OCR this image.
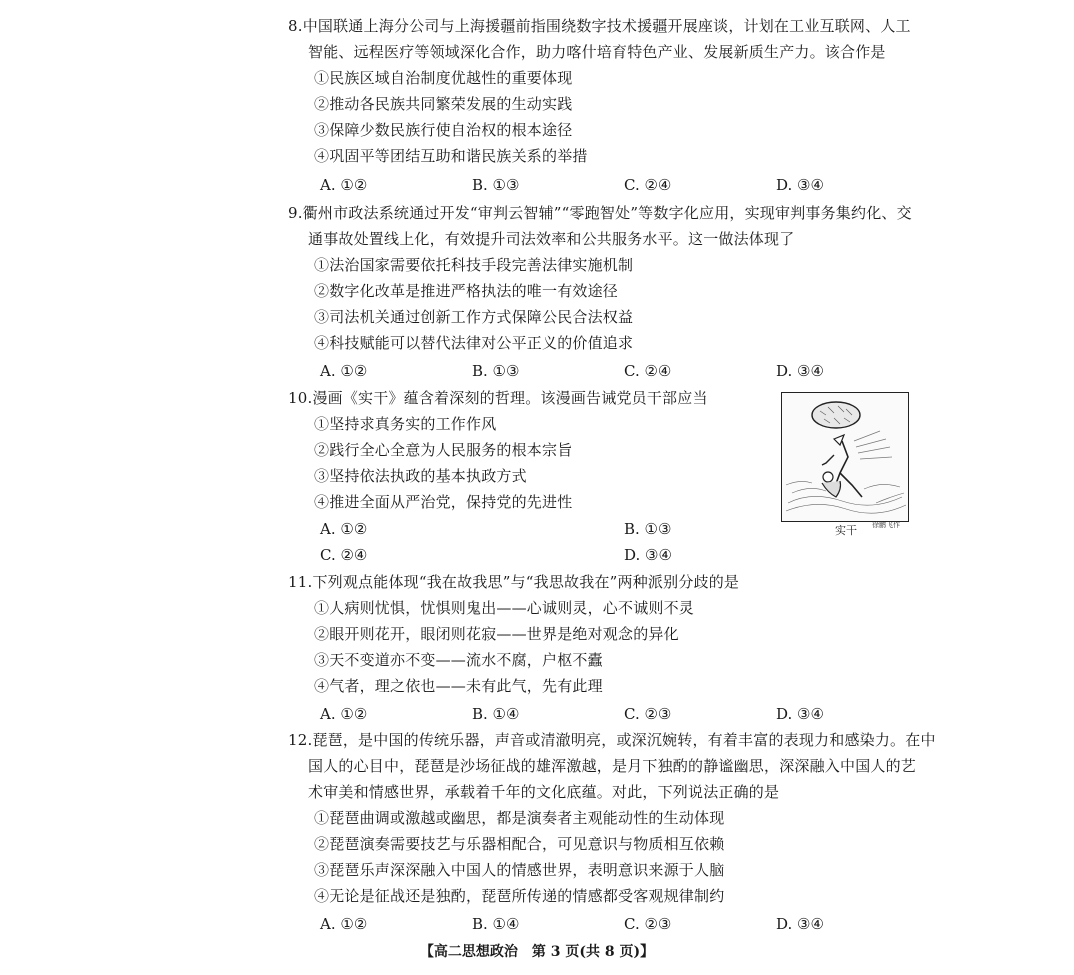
8.中国联通上海分公司与上海援疆前指围绕数字技术援疆开展座谈，计划在工业互联网、人工
智能、远程医疗等领域深化合作，助力喀什培育特色产业、发展新质生产力。该合作是
①民族区域自治制度优越性的重要体现
②推动各民族共同繁荣发展的生动实践
③保障少数民族行使自治权的根本途径
④巩固平等团结互助和谐民族关系的举措
A. ①②	B. ①③	C. ②④	D. ③④
9.衢州市政法系统通过开发“审判云智辅”“零跑智处”等数字化应用，实现审判事务集约化、交
通事故处置线上化，有效提升司法效率和公共服务水平。这一做法体现了
①法治国家需要依托科技手段完善法律实施机制
②数字化改革是推进严格执法的唯一有效途径
③司法机关通过创新工作方式保障公民合法权益
④科技赋能可以替代法律对公平正义的价值追求
A. ①②	B. ①③	C. ②④	D. ③④
10.漫画《实干》蕴含着深刻的哲理。该漫画告诫党员干部应当
①坚持求真务实的工作作风
②践行全心全意为人民服务的根本宗旨
③坚持依法执政的基本执政方式
④推进全面从严治党，保持党的先进性
A. ①②	B. ①③
C. ②④	D. ③④
实干 徐鹏飞作
11.下列观点能体现“我在故我思”与“我思故我在”两种派别分歧的是
①人病则忧惧，忧惧则鬼出——心诚则灵，心不诚则不灵
②眼开则花开，眼闭则花寂——世界是绝对观念的异化
③天不变道亦不变——流水不腐，户枢不蠹
④气者，理之依也——未有此气，先有此理
A. ①②	B. ①④	C. ②③	D. ③④
12.琵琶，是中国的传统乐器，声音或清澈明亮，或深沉婉转，有着丰富的表现力和感染力。在中
国人的心目中，琵琶是沙场征战的雄浑激越，是月下独酌的静谧幽思，深深融入中国人的艺
术审美和情感世界，承载着千年的文化底蕴。对此，下列说法正确的是
①琵琶曲调或激越或幽思，都是演奏者主观能动性的生动体现
②琵琶演奏需要技艺与乐器相配合，可见意识与物质相互依赖
③琵琶乐声深深融入中国人的情感世界，表明意识来源于人脑
④无论是征战还是独酌，琵琶所传递的情感都受客观规律制约
A. ①②	B. ①④	C. ②③	D. ③④
【高二思想政治　第 3 页(共 8 页)】
